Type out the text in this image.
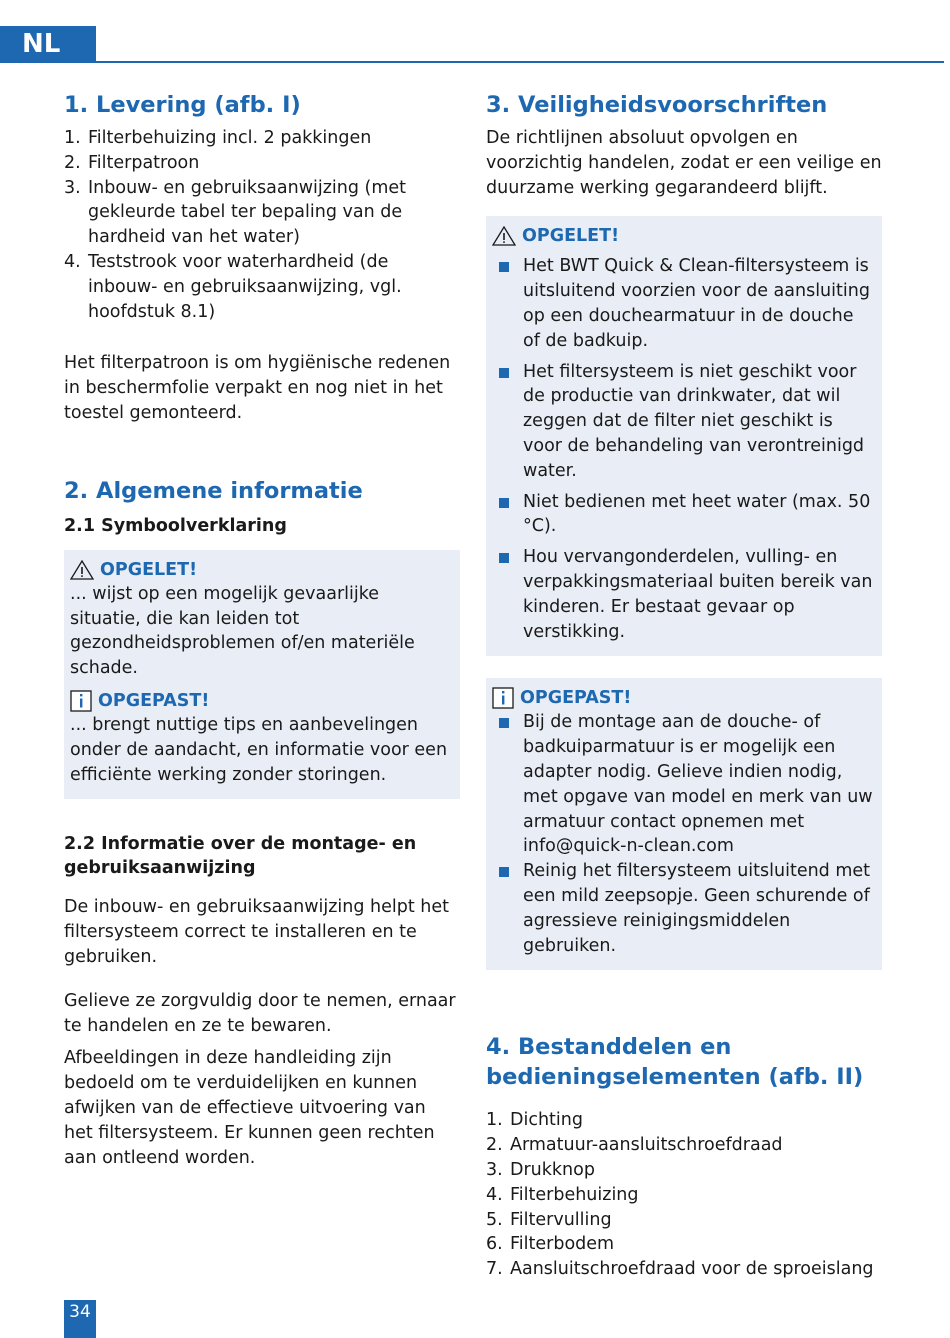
NL
1. Levering (afb. I)
1. Filterbehuizing incl. 2 pakkingen
2. Filterpatroon
3. Inbouw- en gebruiksaanwijzing (met gekleurde tabel ter bepaling van de hardheid van het water)
4. Teststrook voor waterhardheid (de inbouw- en gebruiksaanwijzing, vgl. hoofdstuk 8.1)

Het filterpatroon is om hygiënische redenen in beschermfolie verpakt en nog niet in het toestel gemonteerd.

2. Algemene informatie
2.1 Symboolverklaring
OPGELET!

... wijst op een mogelijk gevaarlijke situatie, die kan leiden tot gezondheidsproblemen of/en materiële schade.

OPGEPAST!

... brengt nuttige tips en aanbevelingen onder de aandacht, en informatie voor een efficiënte werking zonder storingen.

2.2 Informatie over de montage- en gebruiksaanwijzing

De inbouw- en gebruiksaanwijzing helpt het filtersysteem correct te installeren en te gebruiken.

Gelieve ze zorgvuldig door te nemen, ernaar te handelen en ze te bewaren.

Afbeeldingen in deze handleiding zijn bedoeld om te verduidelijken en kunnen afwijken van de effectieve uitvoering van het filtersysteem. Er kunnen geen rechten aan ontleend worden.

3. Veiligheidsvoorschriften

De richtlijnen absoluut opvolgen en voorzichtig handelen, zodat er een veilige en duurzame werking gegarandeerd blijft.

OPGELET!
Het BWT Quick & Clean-filtersysteem is uitsluitend voorzien voor de aansluiting op een douchearmatuur in de douche of de badkuip.
Het filtersysteem is niet geschikt voor de productie van drinkwater, dat wil zeggen dat de filter niet geschikt is voor de behandeling van verontreinigd water.
Niet bedienen met heet water (max. 50 °C).
Hou vervangonderdelen, vulling- en verpakkingsmateriaal buiten bereik van kinderen. Er bestaat gevaar op verstikking.
OPGEPAST!
Bij de montage aan de douche- of badkuiparmatuur is er mogelijk een adapter nodig. Gelieve indien nodig, met opgave van model en merk van uw armatuur contact opnemen met info@quick-n-clean.com
Reinig het filtersysteem uitsluitend met een mild zeepsopje. Geen schurende of agressieve reinigingsmiddelen gebruiken.
4. Bestanddelen en bedieningselementen (afb. II)
1. Dichting
2. Armatuur-aansluitschroefdraad
3. Drukknop
4. Filterbehuizing
5. Filtervulling
6. Filterbodem
7. Aansluitschroefdraad voor de sproeislang
34
